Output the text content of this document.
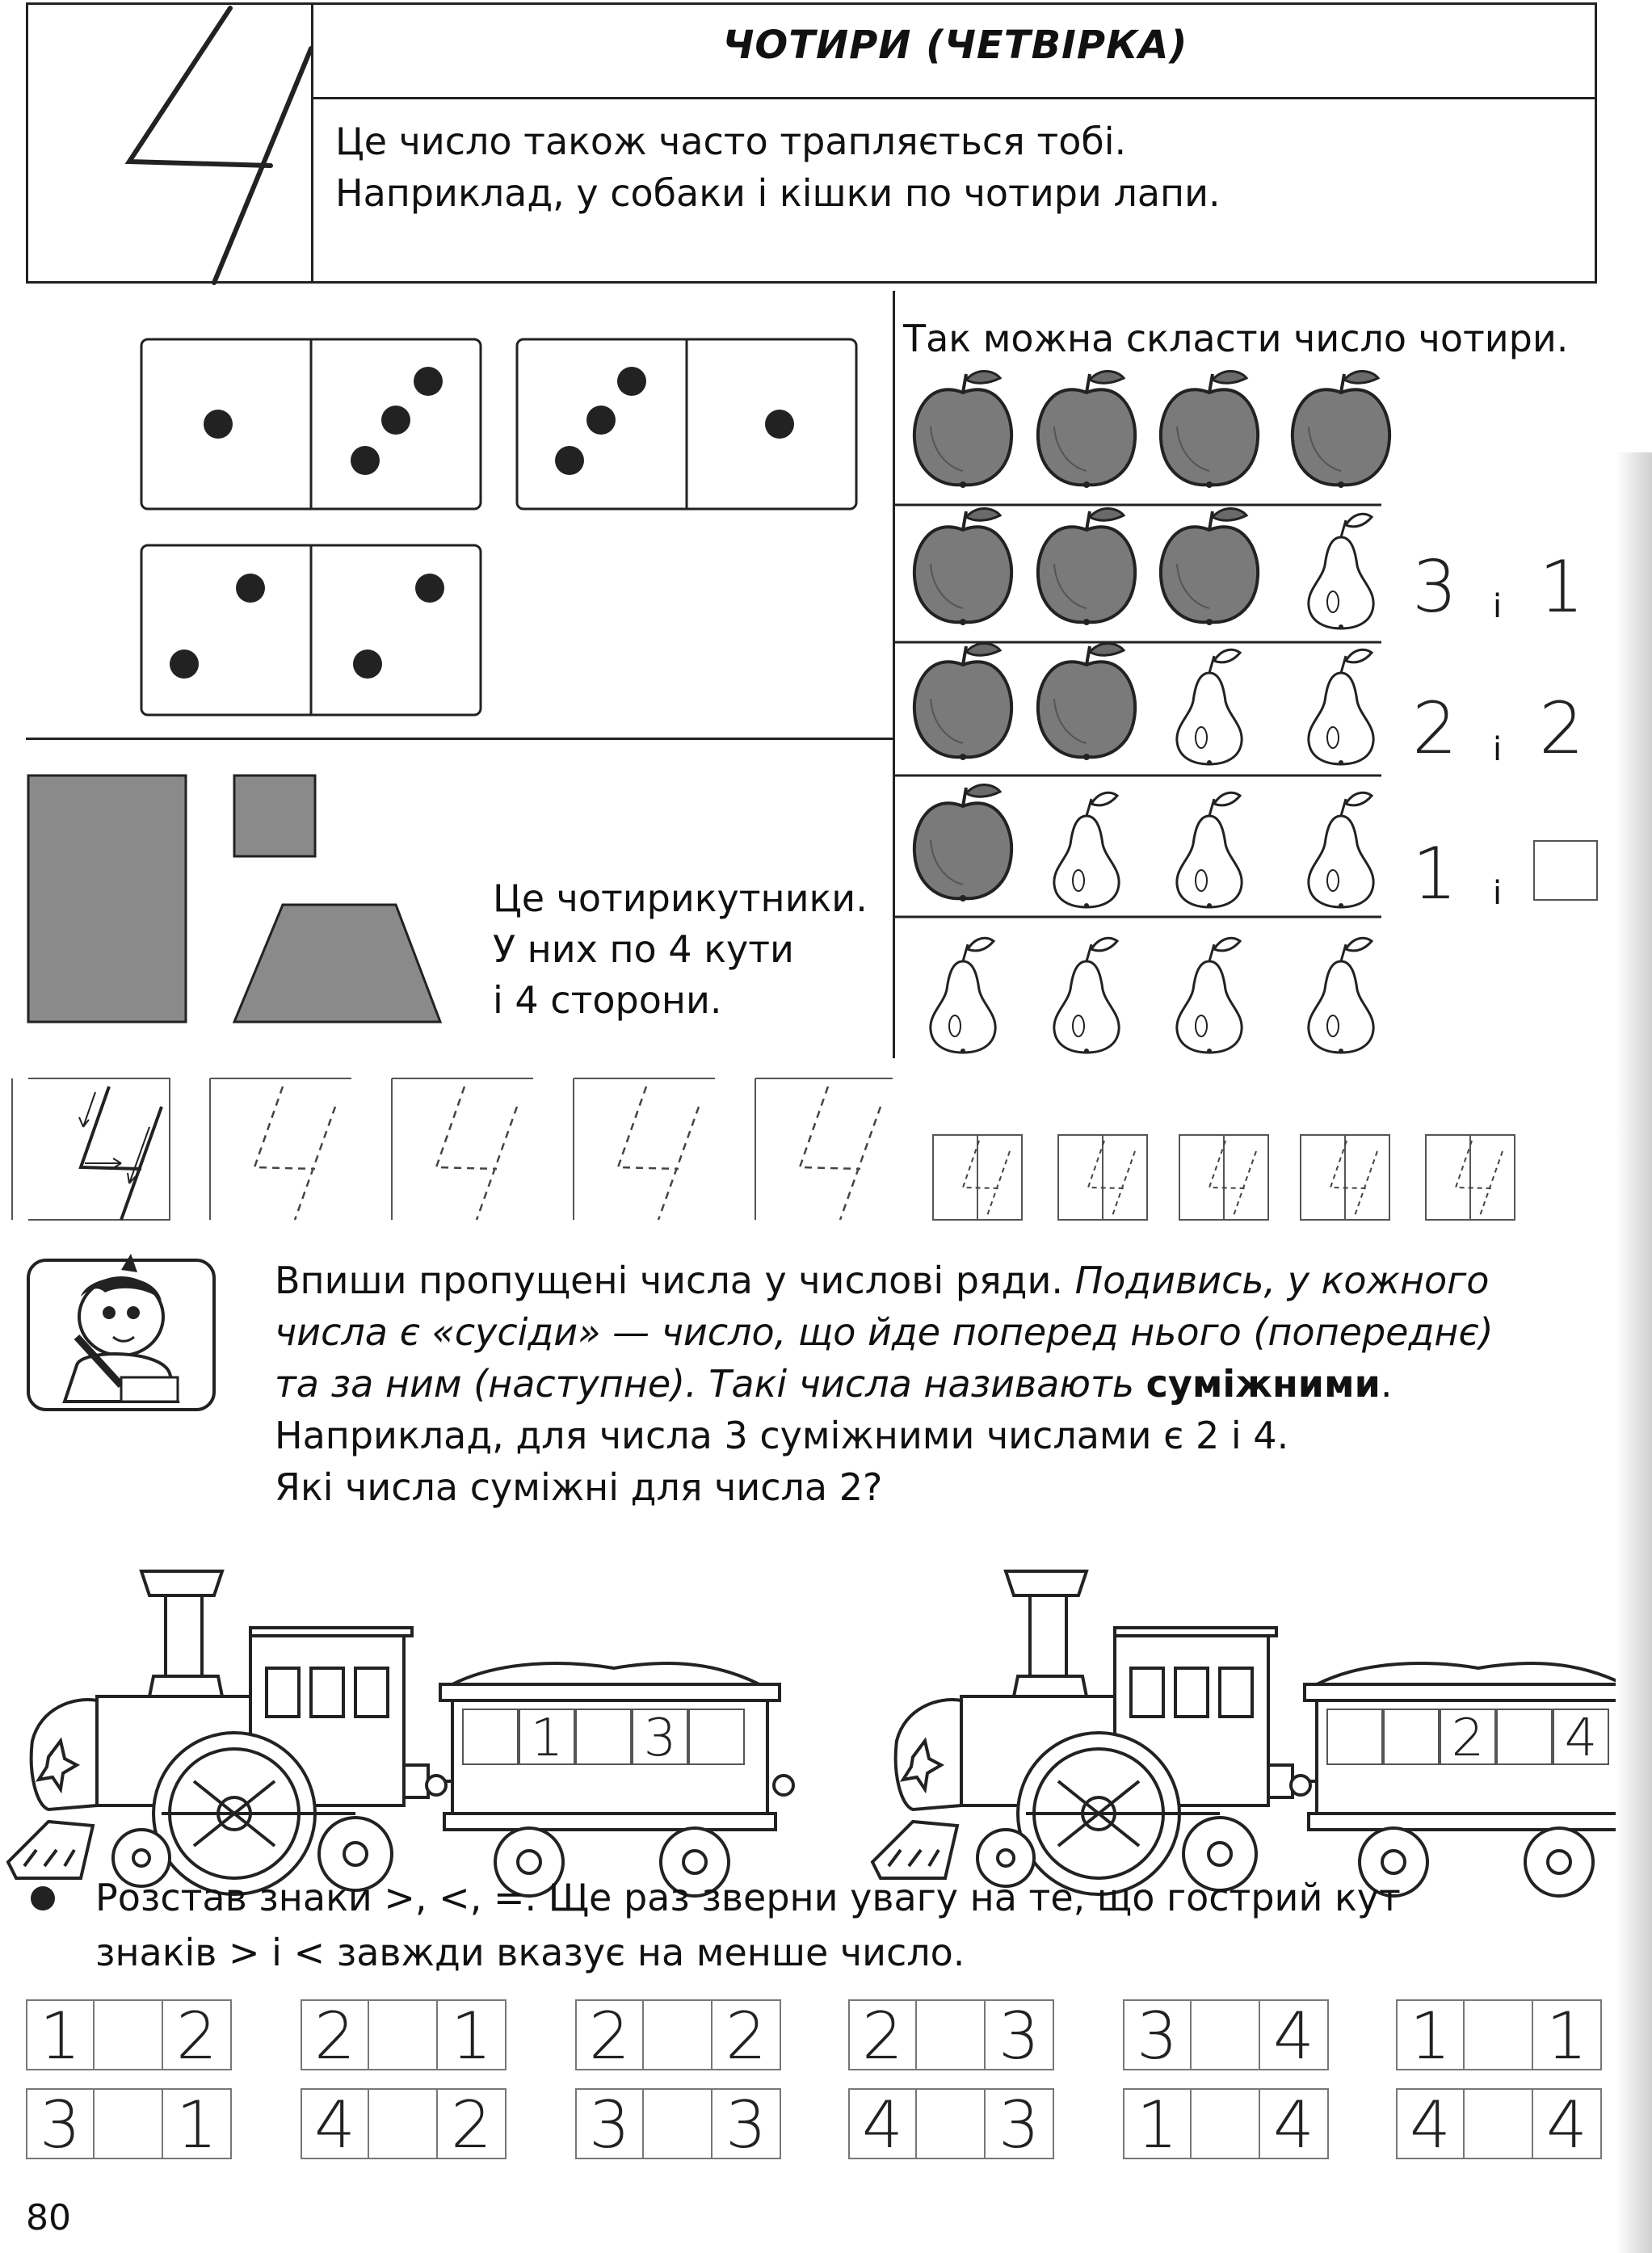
ЧОТИРИ (ЧЕТВІРКА)
Це число також часто трапляється тобі.
Наприклад, у собаки і кішки по чотири лапи.
Це чотирикутники.
У них по 4 кути
і 4 сторони.
Так можна скласти число чотири.
3 і 1
2 і 2
1 і
Впиши пропущені числа у числові ряди. Подивись, у кожного
числа є «сусіди» — число, що йде поперед нього (попереднє)
та за ним (наступне). Такі числа називають суміжними.
Наприклад, для числа 3 суміжними числами є 2 і 4.
Які числа суміжні для числа 2?
1 3	2 4
Розстав знаки >, <, =. Ще раз зверни увагу на те, що гострий кут
знаків > і < завжди вказує на менше число.
1 2 2 1 2 2 2 3 3 4 1 1
3 1 4 2 3 3 4 3 1 4 4 4
80
